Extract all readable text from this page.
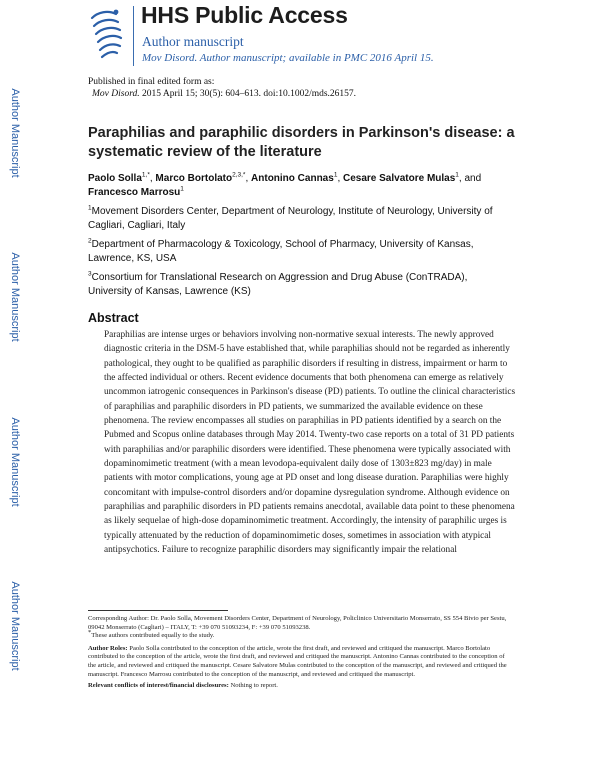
HHS Public Access
Author manuscript
Mov Disord. Author manuscript; available in PMC 2016 April 15.
Author Manuscript
Author Manuscript
Author Manuscript
Author Manuscript
Published in final edited form as:
Mov Disord. 2015 April 15; 30(5): 604–613. doi:10.1002/mds.26157.
Paraphilias and paraphilic disorders in Parkinson's disease: a systematic review of the literature
Paolo Solla$^{1,*}$, Marco Bortolato$^{2,3,*}$, Antonino Cannas$^1$, Cesare Salvatore Mulas$^1$, and Francesco Marrosu$^1$
$^1$Movement Disorders Center, Department of Neurology, Institute of Neurology, University of Cagliari, Cagliari, Italy
$^2$Department of Pharmacology & Toxicology, School of Pharmacy, University of Kansas, Lawrence, KS, USA
$^3$Consortium for Translational Research on Aggression and Drug Abuse (ConTRADA), University of Kansas, Lawrence (KS)
Abstract

Paraphilias are intense urges or behaviors involving non-normative sexual interests. The newly approved diagnostic criteria in the DSM-5 have established that, while paraphilias should not be regarded as inherently pathological, they ought to be qualified as paraphilic disorders if resulting in distress, impairment or harm to the affected individual or others. Recent evidence documents that both phenomena can emerge as relatively uncommon iatrogenic consequences in Parkinson's disease (PD) patients. To outline the clinical characteristics of paraphilias and paraphilic disorders in PD patients, we summarized the available evidence on these phenomena. The review encompasses all studies on paraphilias in PD patients identified by a search on the Pubmed and Scopus online databases through May 2014. Twenty-two case reports on a total of 31 PD patients with paraphilias and/or paraphilic disorders were identified. These phenomena were typically associated with dopaminomimetic treatment (with a mean levodopa-equivalent daily dose of 1303±823 mg/day) in male patients with motor complications, young age at PD onset and long disease duration. Paraphilias were highly concomitant with impulse-control disorders and/or dopamine dysregulation syndrome. Although evidence on paraphilias and paraphilic disorders in PD patients remains anecdotal, available data point to these phenomena as likely sequelae of high-dose dopaminomimetic treatment. Accordingly, the intensity of paraphilic urges is typically attenuated by the reduction of dopaminomimetic doses, sometimes in association with atypical antipsychotics. Failure to recognize paraphilic disorders may significantly impair the relational

Corresponding Author: Dr. Paolo Solla, Movement Disorders Center, Department of Neurology, Policlinico Universitario Monserrato, SS 554 Bivio per Sestu, 09042 Monserrato (Cagliari) – ITALY, T: +39 070 51093234, F: +39 070 51093238.

*These authors contributed equally to the study.

Author Roles: Paolo Solla contributed to the conception of the article, wrote the first draft, and reviewed and critiqued the manuscript. Marco Bortolato contributed to the conception of the article, wrote the first draft, and reviewed and critiqued the manuscript. Antonino Cannas contributed to the conception of the article, and reviewed and critiqued the manuscript. Cesare Salvatore Mulas contributed to the conception of the manuscript, and reviewed and critiqued the manuscript. Francesco Marrosu contributed to the conception of the manuscript, and reviewed and critiqued the manuscript.

Relevant conflicts of interest/financial disclosures: Nothing to report.
